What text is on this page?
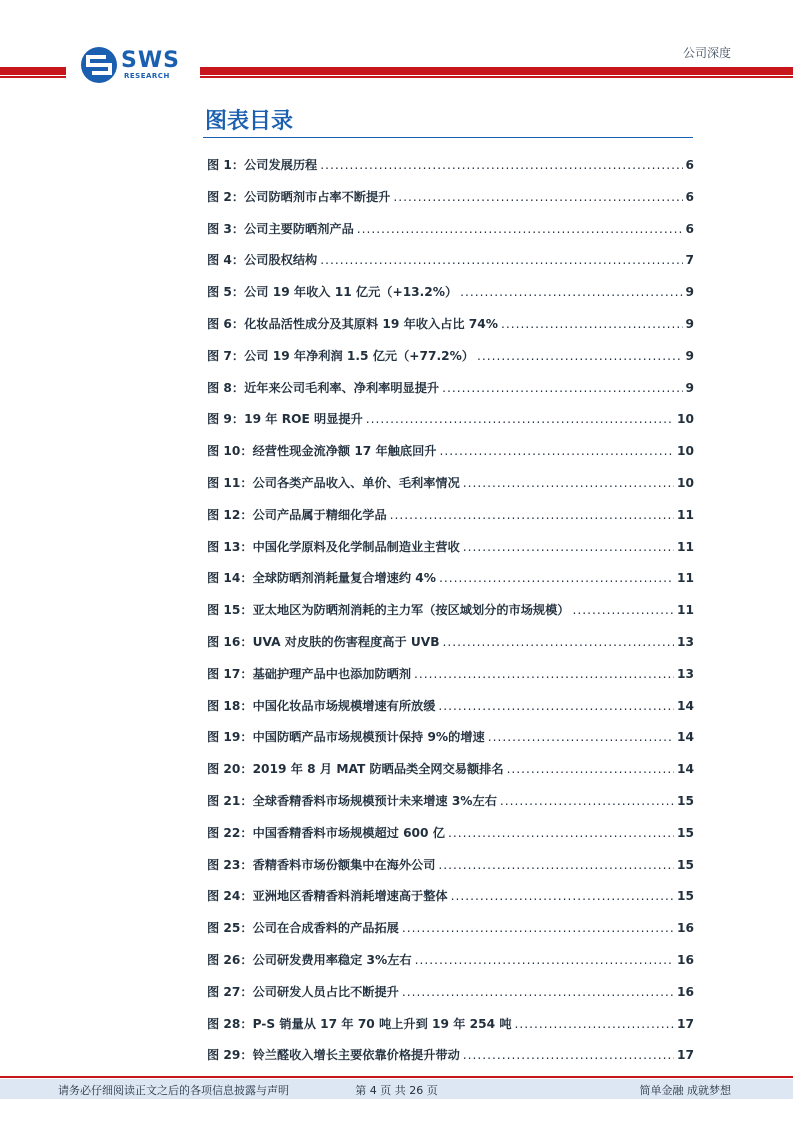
SWS
RESEARCH
公司深度
图表目录
图 1：公司发展历程 .....	6
图 2：公司防晒剂市占率不断提升 .....	6
图 3：公司主要防晒剂产品 .....	6
图 4：公司股权结构 .....	7
图 5：公司 19 年收入 11 亿元（+13.2%） .....	9
图 6：化妆品活性成分及其原料 19 年收入占比 74% .....	9
图 7：公司 19 年净利润 1.5 亿元（+77.2%） .....	9
图 8：近年来公司毛利率、净利率明显提升 .....	9
图 9：19 年 ROE 明显提升 .....	10
图 10：经营性现金流净额 17 年触底回升 .....	10
图 11：公司各类产品收入、单价、毛利率情况 .....	10
图 12：公司产品属于精细化学品 .....	11
图 13：中国化学原料及化学制品制造业主营收 .....	11
图 14：全球防晒剂消耗量复合增速约 4% .....	11
图 15：亚太地区为防晒剂消耗的主力军（按区域划分的市场规模） .....	11
图 16：UVA 对皮肤的伤害程度高于 UVB .....	13
图 17：基础护理产品中也添加防晒剂 .....	13
图 18：中国化妆品市场规模增速有所放缓 .....	14
图 19：中国防晒产品市场规模预计保持 9%的增速 .....	14
图 20：2019 年 8 月 MAT 防晒品类全网交易额排名 .....	14
图 21：全球香精香料市场规模预计未来增速 3%左右 .....	15
图 22：中国香精香料市场规模超过 600 亿 .....	15
图 23：香精香料市场份额集中在海外公司 .....	15
图 24：亚洲地区香精香料消耗增速高于整体 .....	15
图 25：公司在合成香料的产品拓展 .....	16
图 26：公司研发费用率稳定 3%左右 .....	16
图 27：公司研发人员占比不断提升 .....	16
图 28：P-S 销量从 17 年 70 吨上升到 19 年 254 吨 .....	17
图 29：铃兰醛收入增长主要依靠价格提升带动 .....	17
请务必仔细阅读正文之后的各项信息披露与声明	第 4 页 共 26 页	简单金融 成就梦想
